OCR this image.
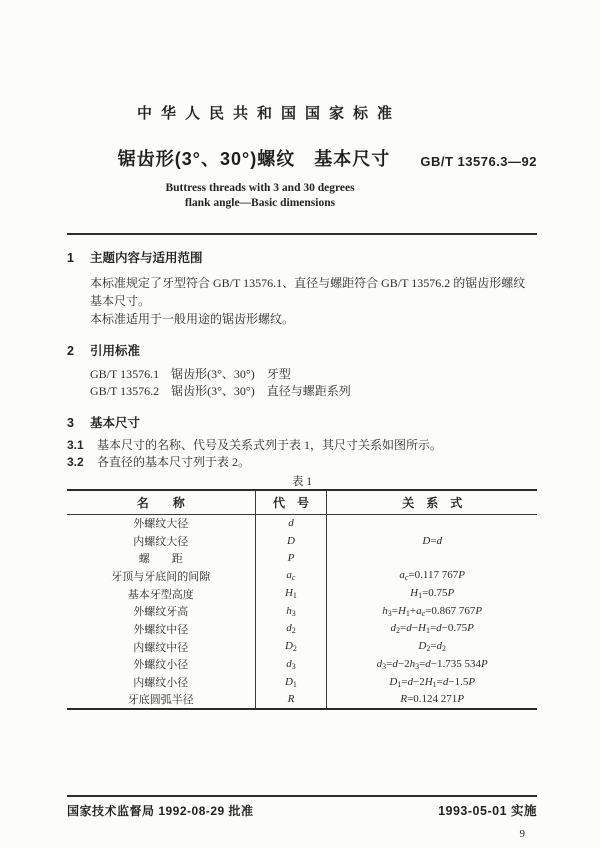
中华人民共和国国家标准
锯齿形(3°、30°)螺纹　基本尺寸	GB/T 13576.3—92
Buttress threads with 3 and 30 degrees
flank angle—Basic dimensions
1 主题内容与适用范围

本标准规定了牙型符合 GB/T 13576.1、直径与螺距符合 GB/T 13576.2 的锯齿形螺纹基本尺寸。

本标准适用于一般用途的锯齿形螺纹。

2 引用标准
GB/T 13576.1　锯齿形(3°、30°)　牙型
GB/T 13576.2　锯齿形(3°、30°)　直径与螺距系列
3 基本尺寸
3.1 基本尺寸的名称、代号及关系式列于表 1，其尺寸关系如图所示。
3.2 各直径的基本尺寸列于表 2。
表 1
名　　称	代　号	关　系　式
外螺纹大径	d	
内螺纹大径	D	D=d
螺　　距	P	
牙顶与牙底间的间隙	$a_c$	$a_c=0.117$ 767P
基本牙型高度	$H_1$	$H_1=0.75P$
外螺纹牙高	$h_3$	$h_3=H_1+a_c=0.867$ 767P
外螺纹中径	$d_2$	$d_2=d-H_1=d-0.75P$
内螺纹中径	$D_2$	$D_2=d_2$
外螺纹小径	$d_3$	$d_3=d-2h_3=d-1.735$ 534P
内螺纹小径	$D_1$	$D_1=d-2H_1=d-1.5P$
牙底圆弧半径	R	R=0.124 271P
国家技术监督局 1992-08-29 批准	1993-05-01 实施
9
